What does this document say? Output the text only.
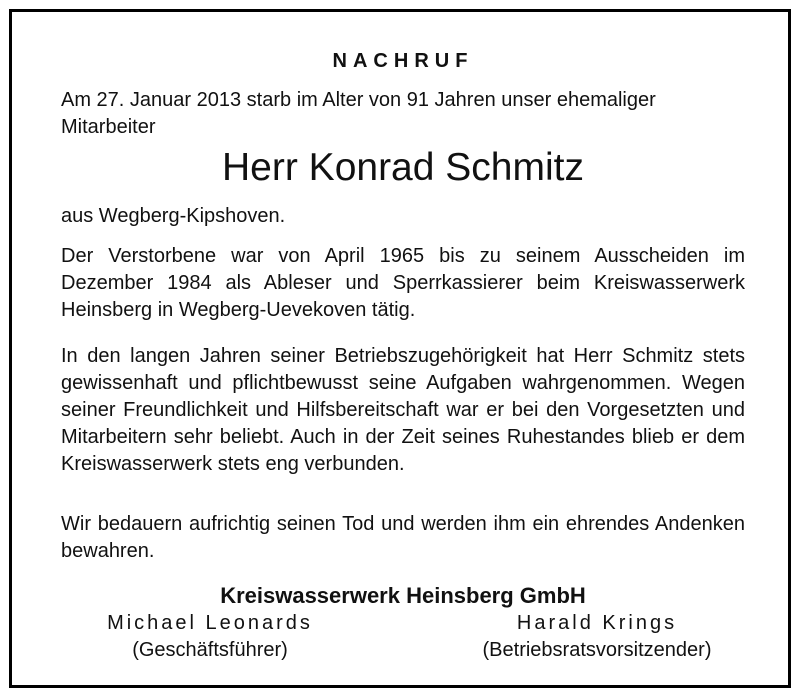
NACHRUF
Am 27. Januar 2013 starb im Alter von 91 Jahren unser ehemaliger Mitarbeiter
Herr Konrad Schmitz
aus Wegberg-Kipshoven.
Der Verstorbene war von April 1965 bis zu seinem Ausscheiden im Dezember 1984 als Ableser und Sperrkassierer beim Kreiswasserwerk Heinsberg in Wegberg-Uevekoven tätig.
In den langen Jahren seiner Betriebszugehörigkeit hat Herr Schmitz stets gewissenhaft und pflichtbewusst seine Aufgaben wahrgenommen. Wegen seiner Freundlichkeit und Hilfsbereitschaft war er bei den Vorgesetzten und Mitarbeitern sehr beliebt. Auch in der Zeit seines Ruhestandes blieb er dem Kreiswasserwerk stets eng verbunden.
Wir bedauern aufrichtig seinen Tod und werden ihm ein ehrendes Andenken bewahren.
Kreiswasserwerk Heinsberg GmbH
Michael Leonards
(Geschäftsführer)
Harald Krings
(Betriebsratsvorsitzender)
